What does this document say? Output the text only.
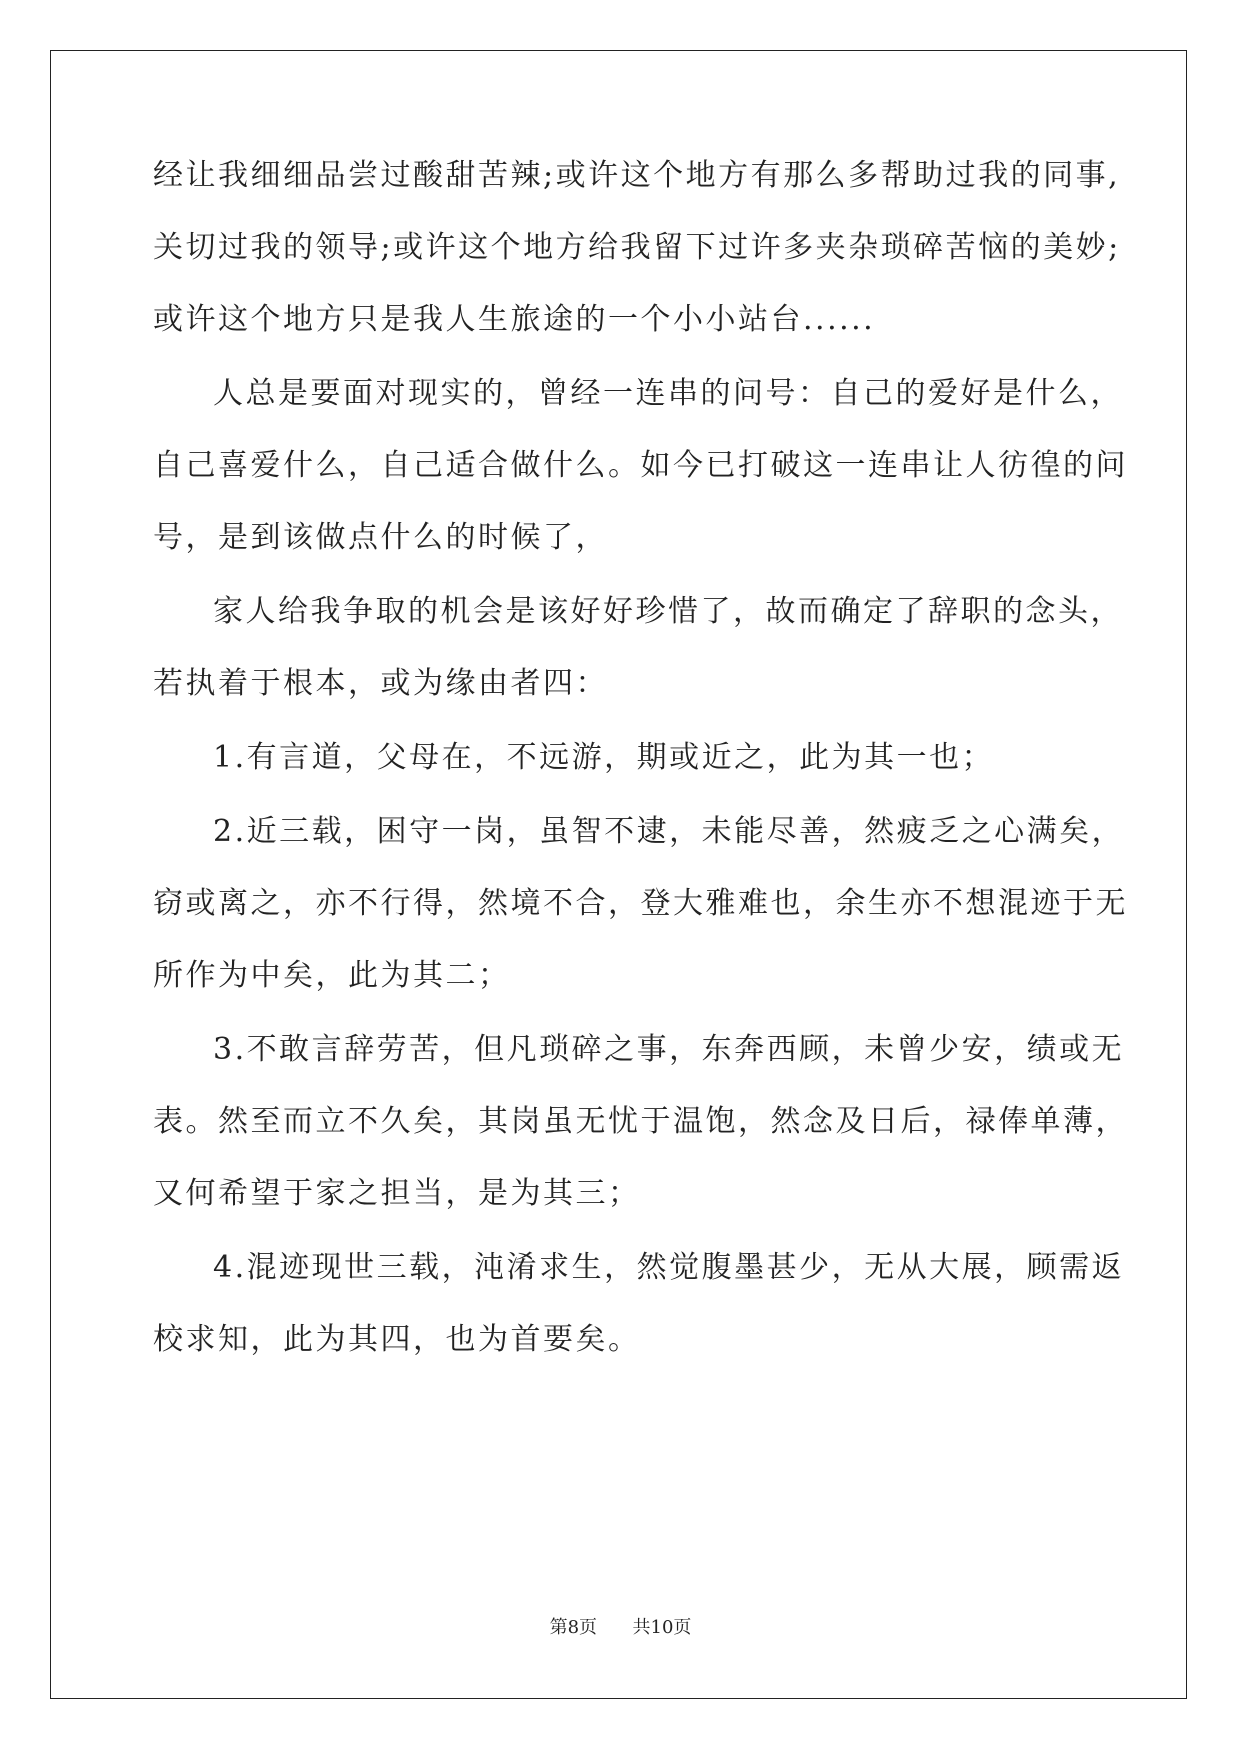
经让我细细品尝过酸甜苦辣;或许这个地方有那么多帮助过我的同事,

关切过我的领导;或许这个地方给我留下过许多夹杂琐碎苦恼的美妙;

或许这个地方只是我人生旅途的一个小小站台......

人总是要面对现实的，曾经一连串的问号：自己的爱好是什么，

自己喜爱什么，自己适合做什么。如今已打破这一连串让人彷徨的问

号，是到该做点什么的时候了，

家人给我争取的机会是该好好珍惜了，故而确定了辞职的念头，

若执着于根本，或为缘由者四：

1.有言道，父母在，不远游，期或近之，此为其一也；

2.近三载，困守一岗，虽智不逮，未能尽善，然疲乏之心满矣，

窃或离之，亦不行得，然境不合，登大雅难也，余生亦不想混迹于无

所作为中矣，此为其二；

3.不敢言辞劳苦，但凡琐碎之事，东奔西顾，未曾少安，绩或无

表。然至而立不久矣，其岗虽无忧于温饱，然念及日后，禄俸单薄，

又何希望于家之担当，是为其三；

4.混迹现世三载，沌淆求生，然觉腹墨甚少，无从大展，顾需返

校求知，此为其四，也为首要矣。

第8页 共10页
